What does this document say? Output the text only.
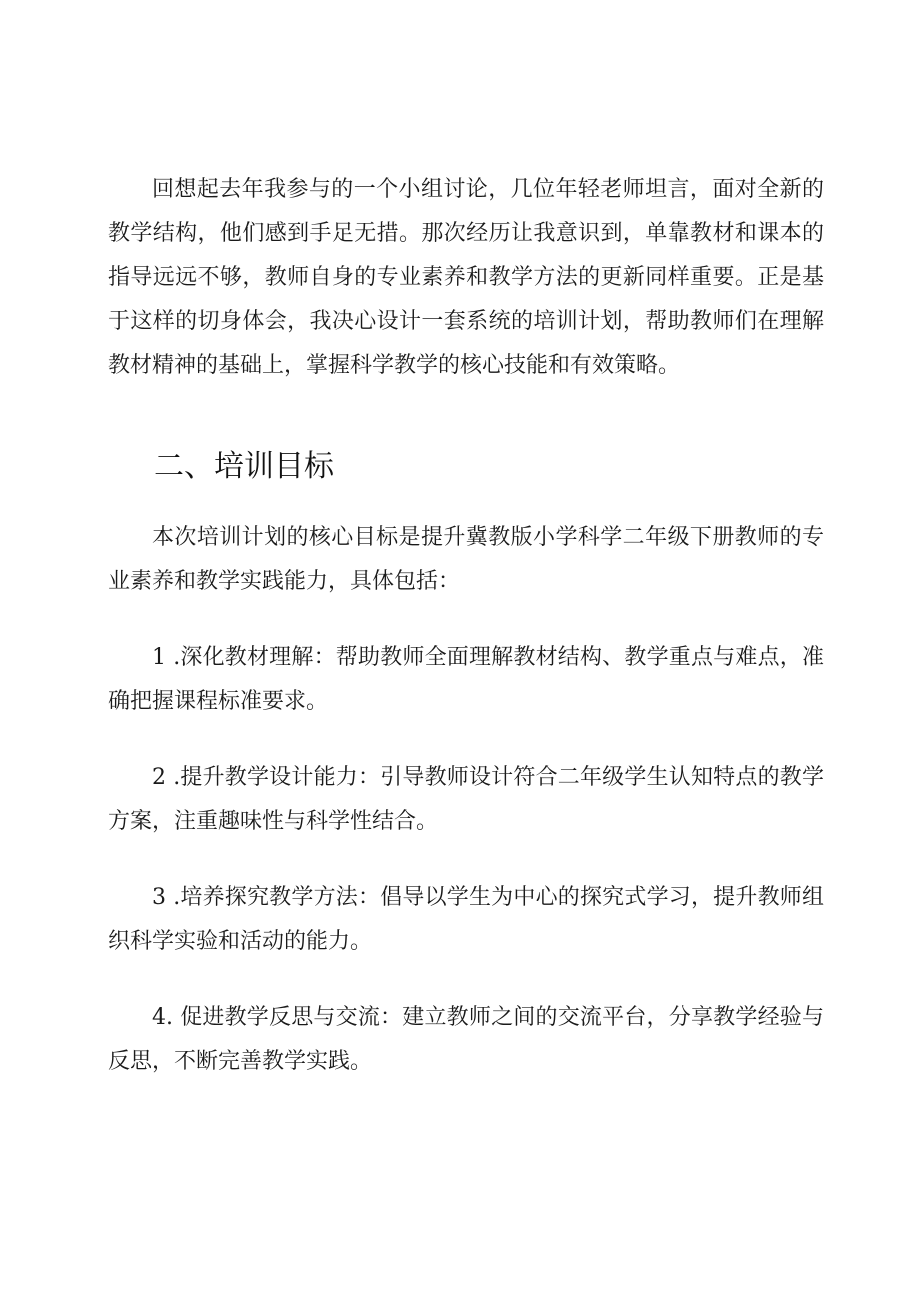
回想起去年我参与的一个小组讨论，几位年轻老师坦言，面对全新的教学结构，他们感到手足无措。那次经历让我意识到，单靠教材和课本的指导远远不够，教师自身的专业素养和教学方法的更新同样重要。正是基于这样的切身体会，我决心设计一套系统的培训计划，帮助教师们在理解教材精神的基础上，掌握科学教学的核心技能和有效策略。

二、培训目标

本次培训计划的核心目标是提升冀教版小学科学二年级下册教师的专业素养和教学实践能力，具体包括：

1 .深化教材理解：帮助教师全面理解教材结构、教学重点与难点，准确把握课程标准要求。

2 .提升教学设计能力：引导教师设计符合二年级学生认知特点的教学方案，注重趣味性与科学性结合。

3 .培养探究教学方法：倡导以学生为中心的探究式学习，提升教师组织科学实验和活动的能力。

4. 促进教学反思与交流：建立教师之间的交流平台，分享教学经验与反思，不断完善教学实践。
